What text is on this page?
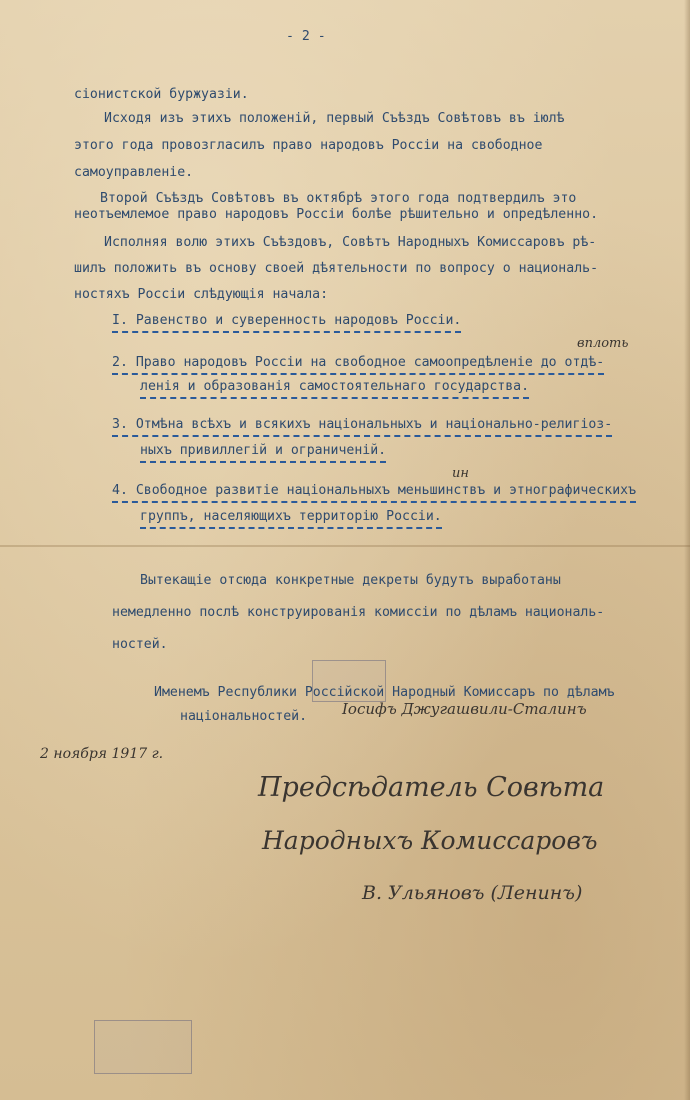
- 2 -

сіонистской буржуазіи.

Исходя изъ этихъ положеній, первый Съѣздъ Совѣтовъ въ іюлѣ

этого года провозгласилъ право народовъ Россіи на свободное

самоуправленіе.

Второй Съѣздъ Совѣтовъ въ октябрѣ этого года подтвердилъ это

неотъемлемое право народовъ Россіи болѣе рѣшительно и опредѣленно.

Исполняя волю этихъ Съѣздовъ, Совѣтъ Народныхъ Комиссаровъ рѣ-

шилъ положить въ основу своей дѣятельности по вопросу о националь-

ностяхъ Россіи слѣдующія начала:

I. Равенство и суверенность народовъ Россіи.

вплоть

2. Право народовъ Россіи на свободное самоопредѣленіе до отдѣ-

ленія и образованія самостоятельнаго государства.

3. Отмѣна всѣхъ и всякихъ національныхъ и національно-религіоз-

ныхъ привиллегій и ограниченій.

ин

4. Свободное развитіе національныхъ меньшинствъ и этнографическихъ

группъ, населяющихъ территорію Россіи.

Вытекащіе отсюда конкретные декреты будутъ выработаны

немедленно послѣ конструированія комиссіи по дѣламъ националь-

ностей.

Именемъ Республики Россійской Народный Комиссаръ по дѣламъ

національностей. Іосифъ Джугашвили-Сталинъ

2 ноября 1917 г.

Предсѣдатель Совѣта

Народныхъ Комиссаровъ

В. Ульяновъ (Ленинъ)
